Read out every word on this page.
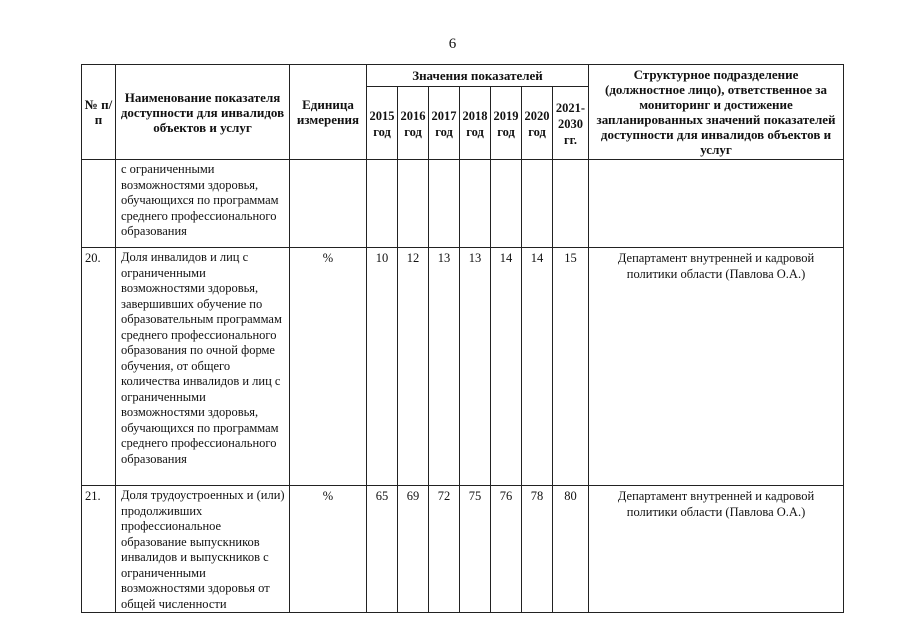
6
№ п/п	Наименование показателя доступности для инвалидов объектов и услуг	Единица измерения	Значения показателей							Структурное подразделение (должностное лицо), ответственное за мониторинг и достижение запланированных значений показателей доступности для инвалидов объектов и услуг
			2015 год	2016 год	2017 год	2018 год	2019 год	2020 год	2021-2030 гг.	
	с ограниченными возможностями здоровья, обучающихся по программам среднего профессионального образования									
20.	Доля инвалидов и лиц с ограниченными возможностями здоровья, завершивших обучение по образовательным программам среднего профессионального образования по очной форме обучения, от общего количества инвалидов и лиц с ограниченными возможностями здоровья, обучающихся по программам среднего профессионального образования	%	10	12	13	13	14	14	15	Департамент внутренней и кадровой политики области (Павлова О.А.)
21.	Доля трудоустроенных и (или) продолживших профессиональное образование выпускников инвалидов и выпускников с ограниченными возможностями здоровья от общей численности	%	65	69	72	75	76	78	80	Департамент внутренней и кадровой политики области (Павлова О.А.)
